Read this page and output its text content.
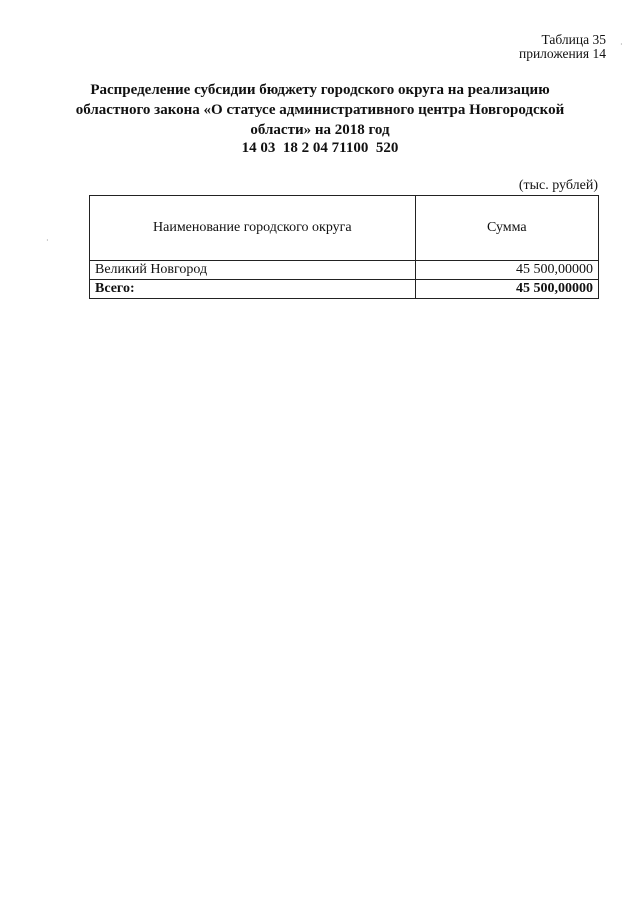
Таблица 35
приложения 14
Распределение субсидии бюджету городского округа на реализацию областного закона «О статусе административного центра Новгородской области» на 2018 год
14 03  18 2 04 71100  520
(тыс. рублей)
Наименование городского округа	Сумма
Великий Новгород	45 500,00000
Всего:	45 500,00000
·
·
